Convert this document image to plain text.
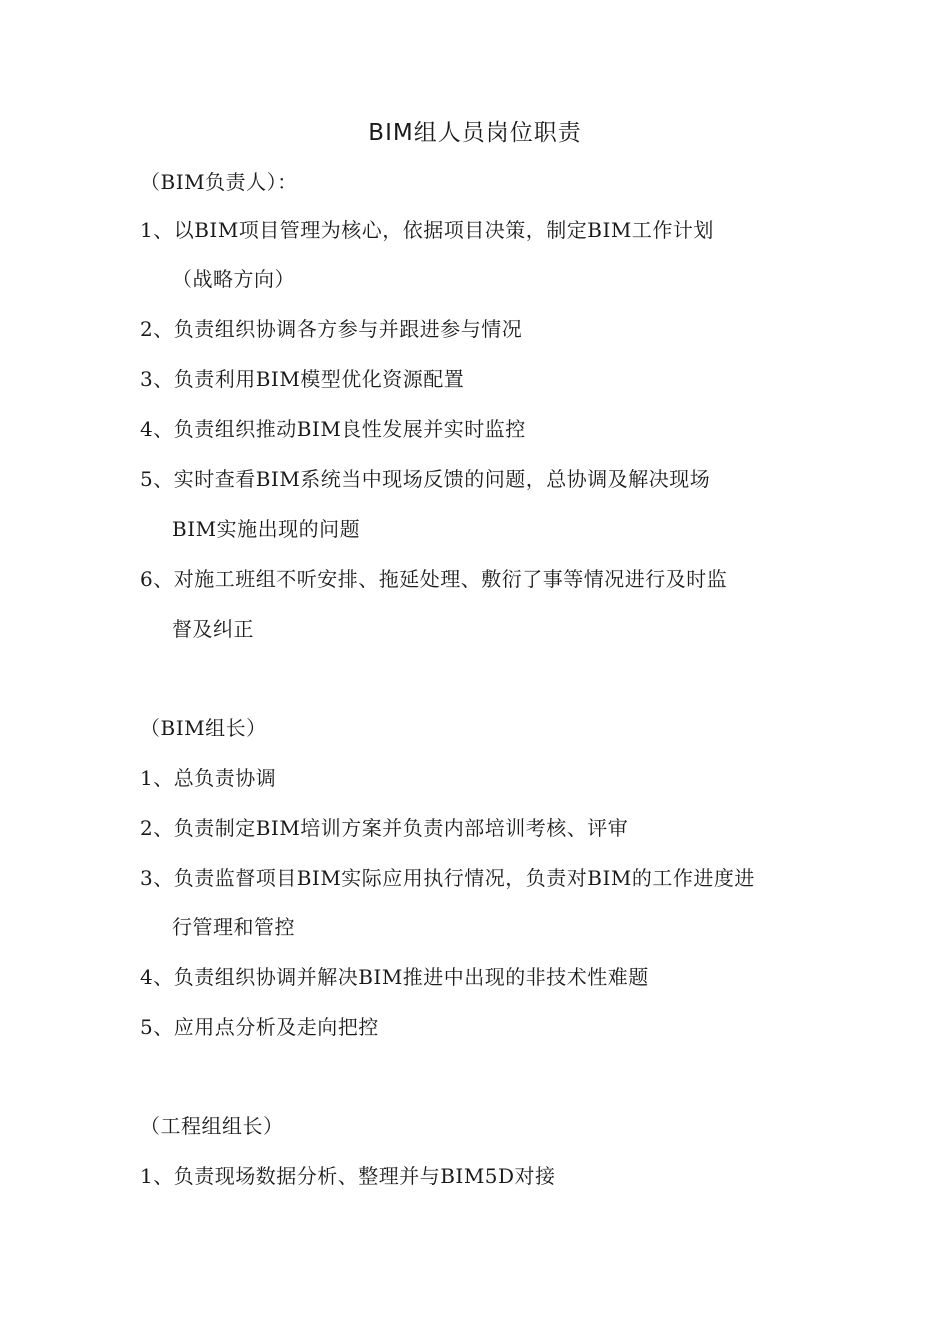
BIM组人员岗位职责

（BIM负责人）：

1、以BIM项目管理为核心，依据项目决策，制定BIM工作计划

（战略方向）

2、负责组织协调各方参与并跟进参与情况

3、负责利用BIM模型优化资源配置

4、负责组织推动BIM良性发展并实时监控

5、实时查看BIM系统当中现场反馈的问题，总协调及解决现场

BIM实施出现的问题

6、对施工班组不听安排、拖延处理、敷衍了事等情况进行及时监

督及纠正

（BIM组长）

1、总负责协调

2、负责制定BIM培训方案并负责内部培训考核、评审

3、负责监督项目BIM实际应用执行情况，负责对BIM的工作进度进

行管理和管控

4、负责组织协调并解决BIM推进中出现的非技术性难题

5、应用点分析及走向把控

（工程组组长）

1、负责现场数据分析、整理并与BIM5D对接
